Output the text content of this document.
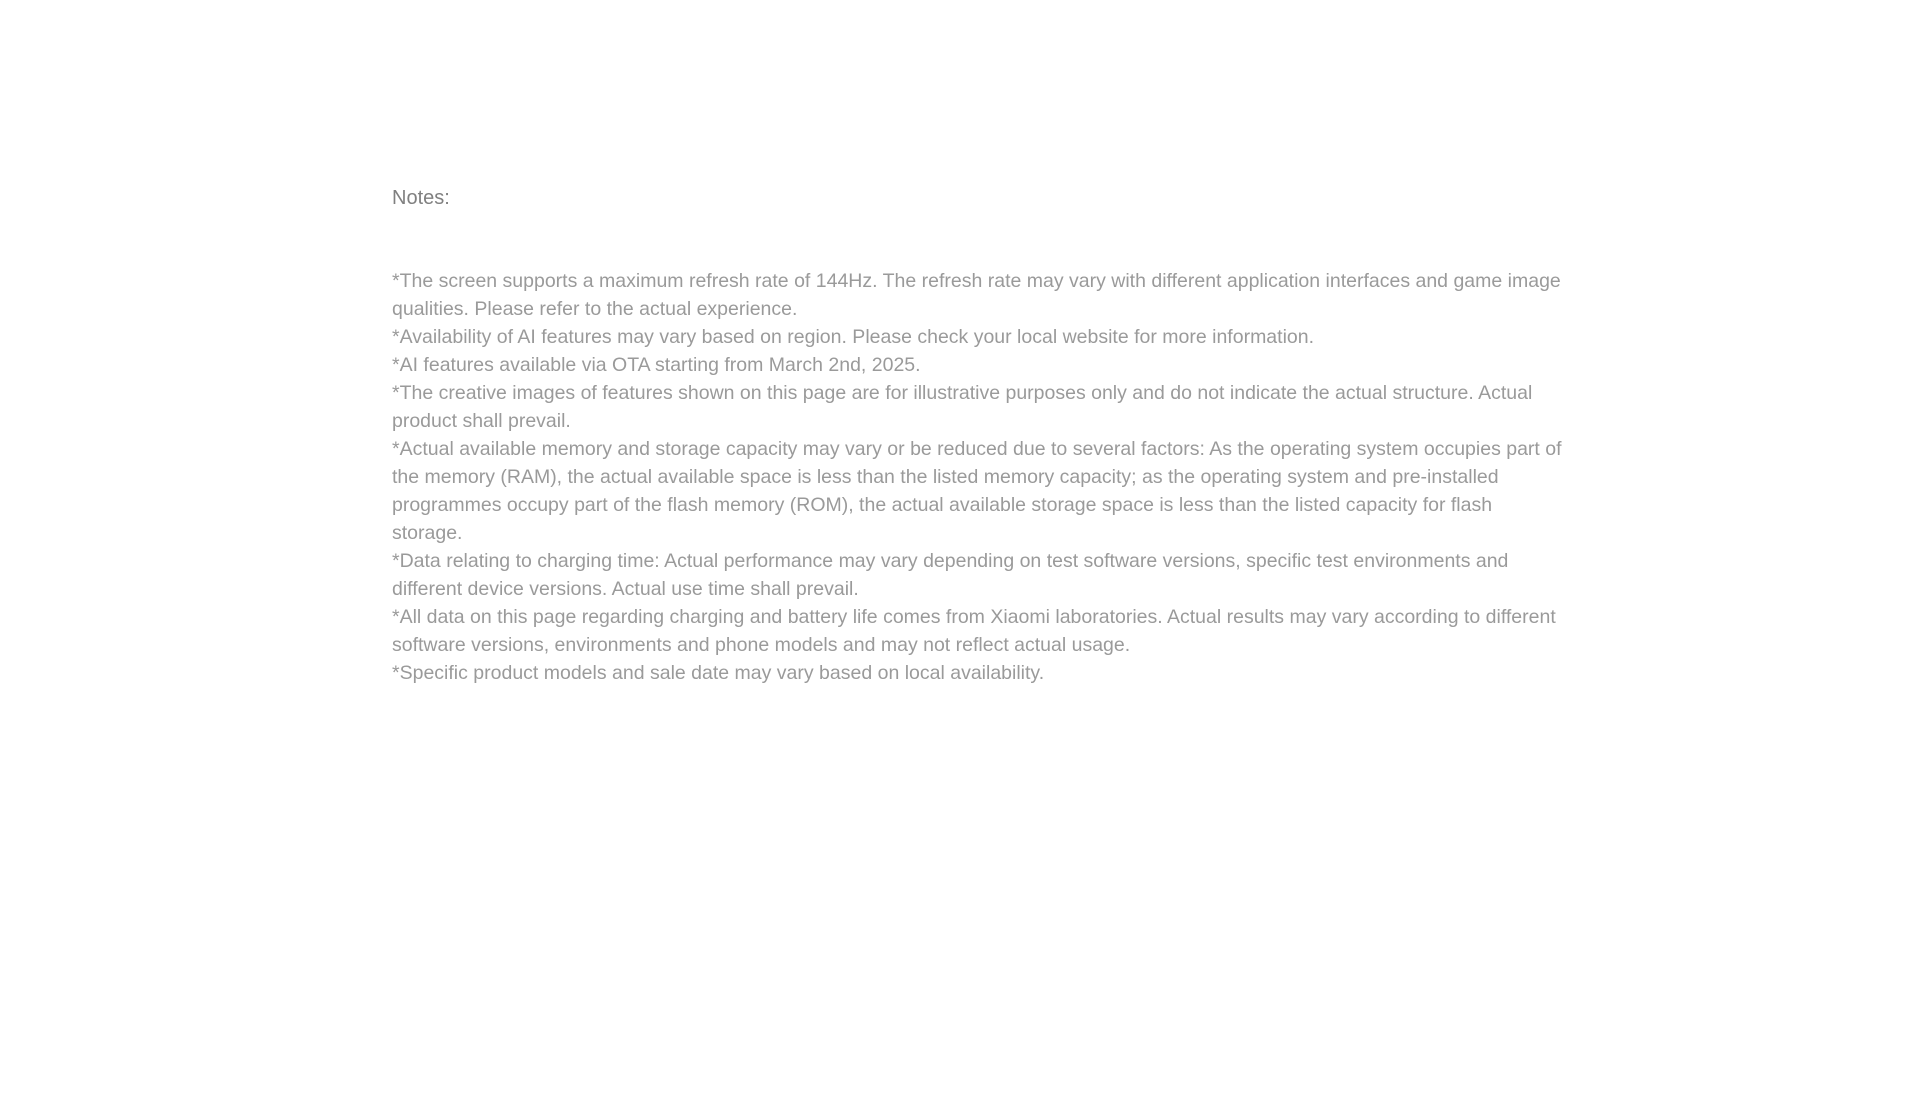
Notes:
*The screen supports a maximum refresh rate of 144Hz. The refresh rate may vary with different application interfaces and game image qualities. Please refer to the actual experience.
*Availability of AI features may vary based on region. Please check your local website for more information.
*AI features available via OTA starting from March 2nd, 2025.
*The creative images of features shown on this page are for illustrative purposes only and do not indicate the actual structure. Actual product shall prevail.
*Actual available memory and storage capacity may vary or be reduced due to several factors: As the operating system occupies part of the memory (RAM), the actual available space is less than the listed memory capacity; as the operating system and pre-installed programmes occupy part of the flash memory (ROM), the actual available storage space is less than the listed capacity for flash storage.
*Data relating to charging time: Actual performance may vary depending on test software versions, specific test environments and different device versions. Actual use time shall prevail.
*All data on this page regarding charging and battery life comes from Xiaomi laboratories. Actual results may vary according to different software versions, environments and phone models and may not reflect actual usage.
*Specific product models and sale date may vary based on local availability.
